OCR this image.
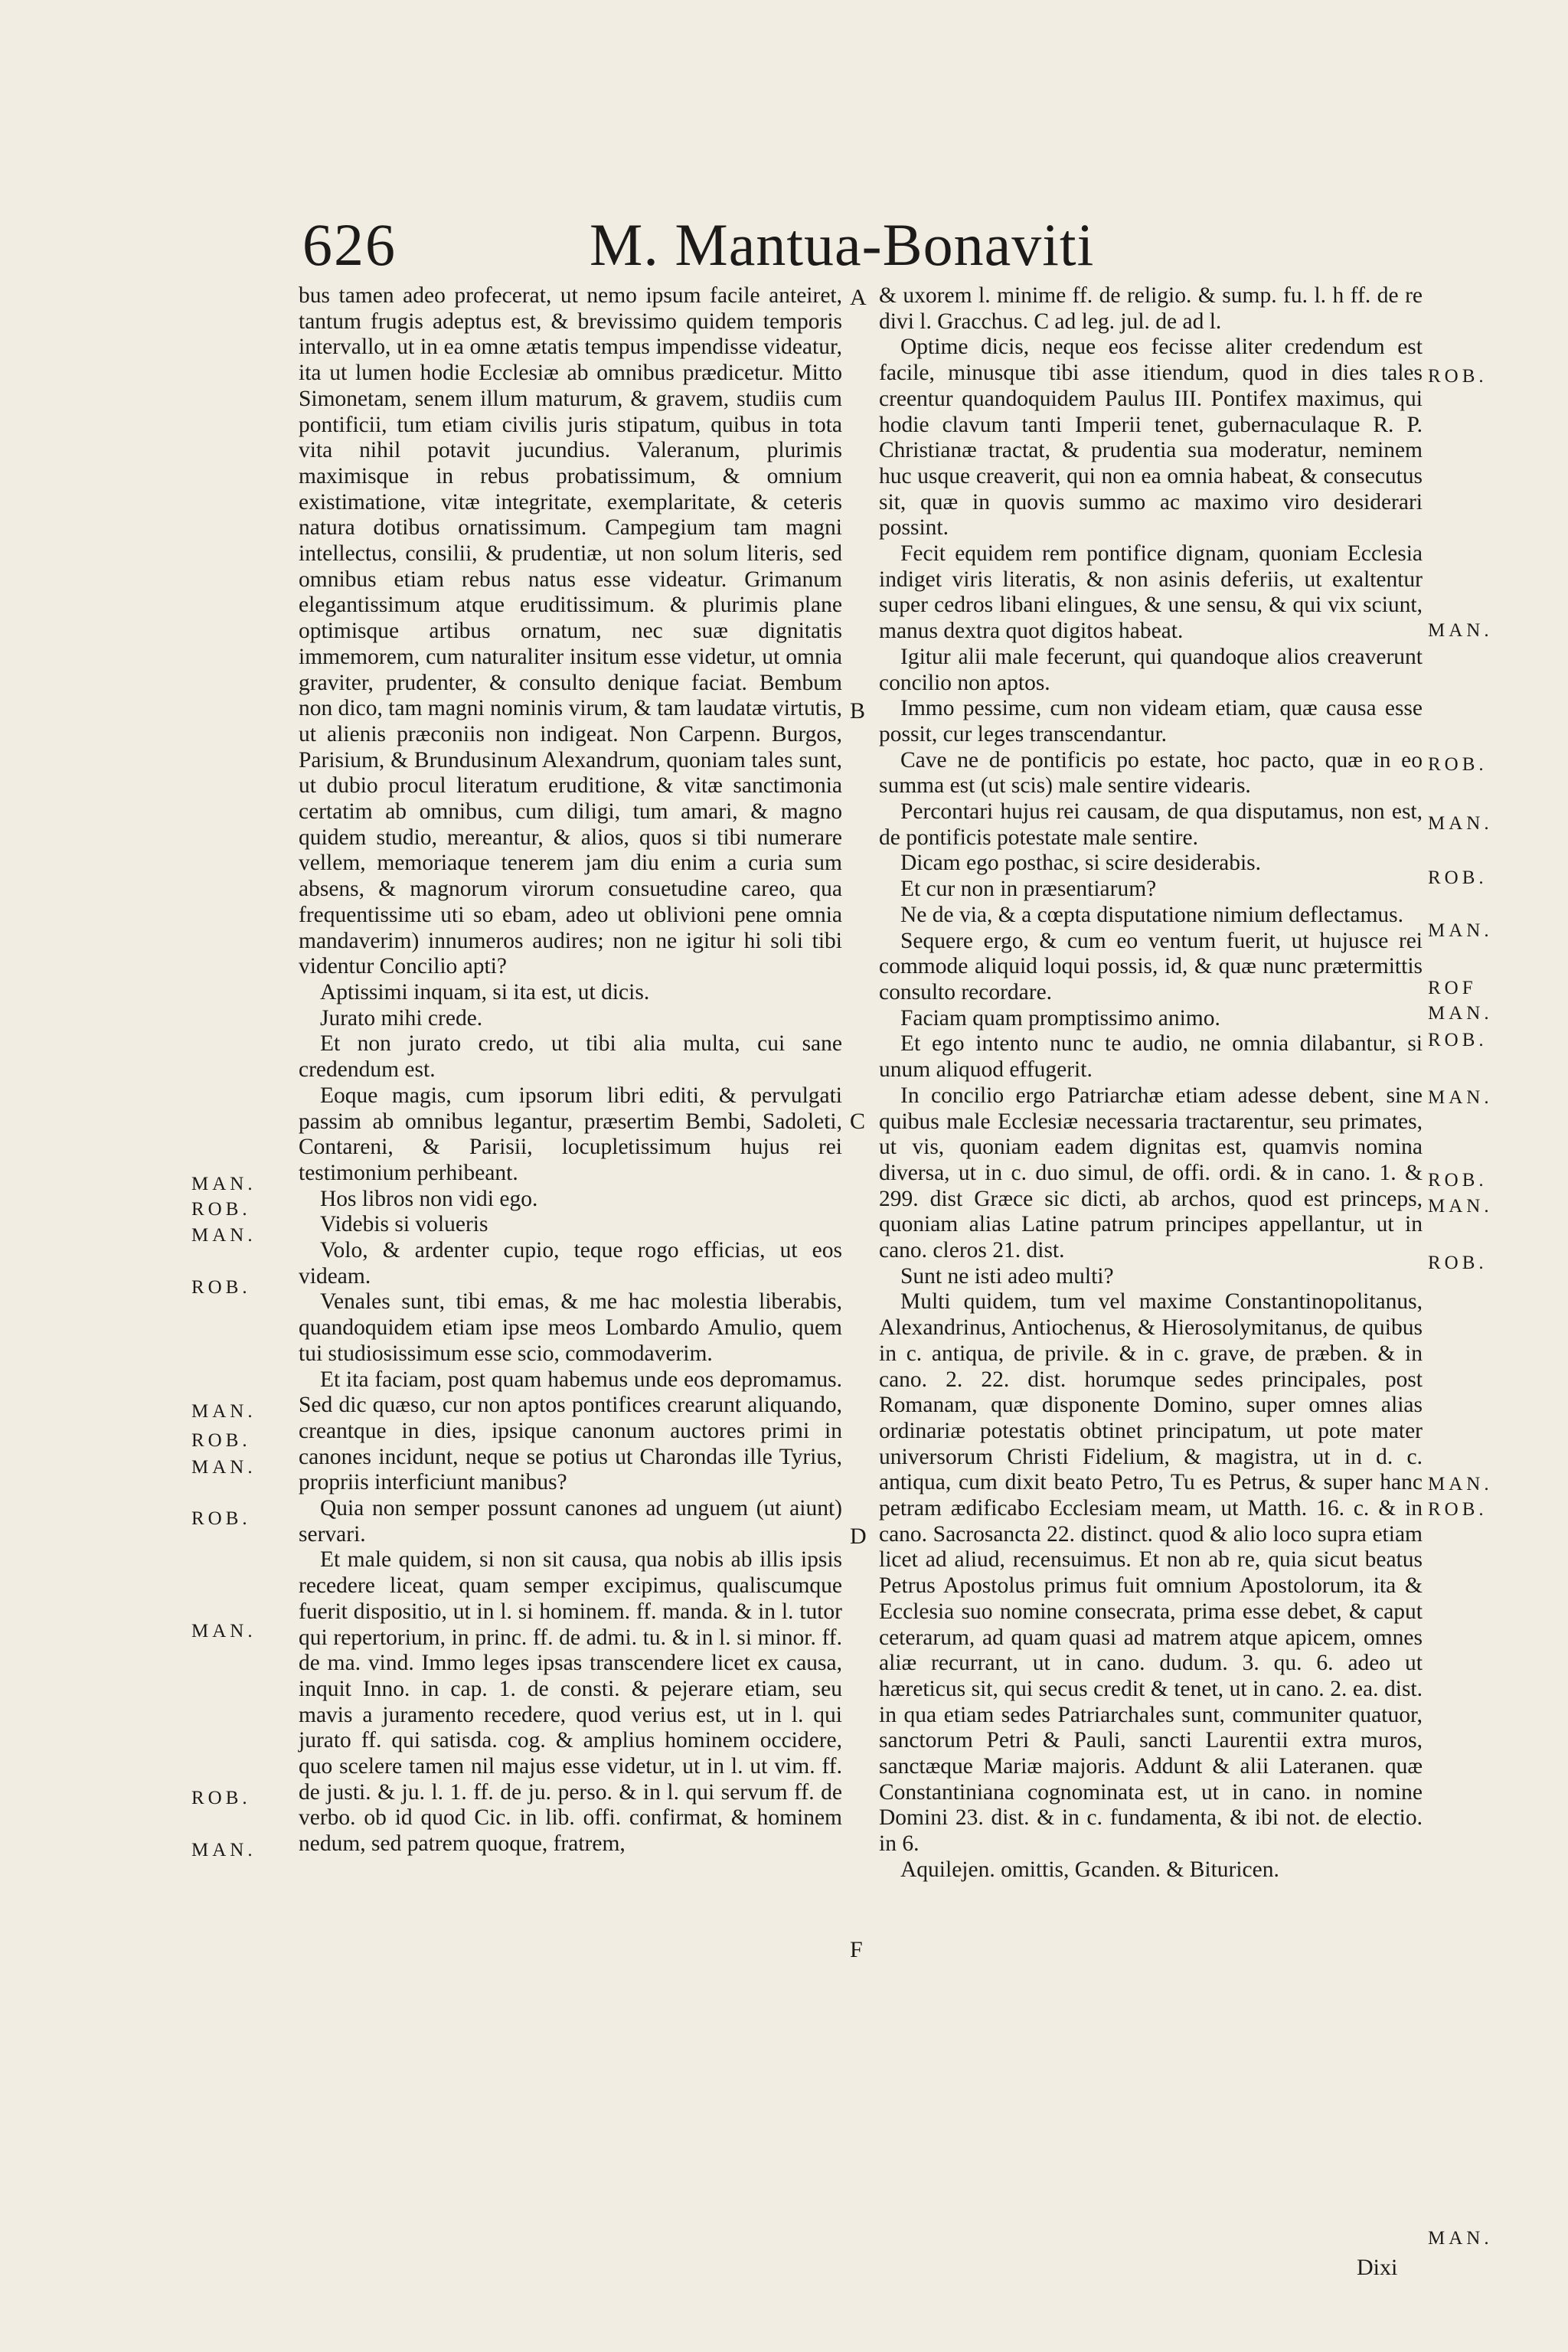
626	M. Mantua-Bonaviti

bus tamen adeo profecerat, ut nemo ipsum facile anteiret, tantum frugis adeptus est, & brevissimo quidem temporis intervallo, ut in ea omne ætatis tempus impendisse videatur, ita ut lumen hodie Ecclesiæ ab omnibus prædicetur. Mitto Simonetam, senem illum maturum, & gravem, studiis cum pontificii, tum etiam civilis juris stipatum, quibus in tota vita nihil potavit jucundius. Valeranum, plurimis maximisque in rebus probatissimum, & omnium existimatione, vitæ integritate, exemplaritate, & ceteris natura dotibus ornatissimum. Campegium tam magni intellectus, consilii, & prudentiæ, ut non solum literis, sed omnibus etiam rebus natus esse videatur. Grimanum elegantissimum atque eruditissimum. & plurimis plane optimisque artibus ornatum, nec suæ dignitatis immemorem, cum naturaliter insitum esse videtur, ut omnia graviter, prudenter, & consulto denique faciat. Bembum non dico, tam magni nominis virum, & tam laudatæ virtutis, ut alienis præconiis non indigeat. Non Carpenn. Burgos, Parisium, & Brundusinum Alexandrum, quoniam tales sunt, ut dubio procul literatum eruditione, & vitæ sanctimonia certatim ab omnibus, cum diligi, tum amari, & magno quidem studio, mereantur, & alios, quos si tibi numerare vellem, memoriaque tenerem jam diu enim a curia sum absens, & magnorum virorum consuetudine careo, qua frequentissime uti so ebam, adeo ut oblivioni pene omnia mandaverim) innumeros audires; non ne igitur hi soli tibi videntur Concilio apti?

Aptissimi inquam, si ita est, ut dicis.

Jurato mihi crede.

Et non jurato credo, ut tibi alia multa, cui sane credendum est.

Eoque magis, cum ipsorum libri editi, & pervulgati passim ab omnibus legantur, præsertim Bembi, Sadoleti, Contareni, & Parisii, locupletissimum hujus rei testimonium perhibeant.

Hos libros non vidi ego.

Videbis si volueris

Volo, & ardenter cupio, teque rogo efficias, ut eos videam.

Venales sunt, tibi emas, & me hac molestia liberabis, quandoquidem etiam ipse meos Lombardo Amulio, quem tui studiosissimum esse scio, commodaverim.

Et ita faciam, post quam habemus unde eos depromamus. Sed dic quæso, cur non aptos pontifices crearunt aliquando, creantque in dies, ipsique canonum auctores primi in canones incidunt, neque se potius ut Charondas ille Tyrius, propriis interficiunt manibus?

Quia non semper possunt canones ad unguem (ut aiunt) servari.

Et male quidem, si non sit causa, qua nobis ab illis ipsis recedere liceat, quam semper excipimus, qualiscumque fuerit dispositio, ut in l. si hominem. ff. manda. & in l. tutor qui repertorium, in princ. ff. de admi. tu. & in l. si minor. ff. de ma. vind. Immo leges ipsas transcendere licet ex causa, inquit Inno. in cap. 1. de consti. & pejerare etiam, seu mavis a juramento recedere, quod verius est, ut in l. qui jurato ff. qui satisda. cog. & amplius hominem occidere, quo scelere tamen nil majus esse videtur, ut in l. ut vim. ff. de justi. & ju. l. 1. ff. de ju. perso. & in l. qui servum ff. de verbo. ob id quod Cic. in lib. offi. confirmat, & hominem nedum, sed patrem quoque, fratrem,

& uxorem l. minime ff. de religio. & sump. fu. l. h ff. de re divi l. Gracchus. C ad leg. jul. de ad l.

Optime dicis, neque eos fecisse aliter credendum est facile, minusque tibi asse itiendum, quod in dies tales creentur quandoquidem Paulus III. Pontifex maximus, qui hodie clavum tanti Imperii tenet, gubernaculaque R. P. Christianæ tractat, & prudentia sua moderatur, neminem huc usque creaverit, qui non ea omnia habeat, & consecutus sit, quæ in quovis summo ac maximo viro desiderari possint.

Fecit equidem rem pontifice dignam, quoniam Ecclesia indiget viris literatis, & non asinis deferiis, ut exaltentur super cedros libani elingues, & une sensu, & qui vix sciunt, manus dextra quot digitos habeat.

Igitur alii male fecerunt, qui quandoque alios creaverunt concilio non aptos.

Immo pessime, cum non videam etiam, quæ causa esse possit, cur leges transcendantur.

Cave ne de pontificis po estate, hoc pacto, quæ in eo summa est (ut scis) male sentire videaris.

Percontari hujus rei causam, de qua disputamus, non est, de pontificis potestate male sentire.

Dicam ego posthac, si scire desiderabis.

Et cur non in præsentiarum?

Ne de via, & a cœpta disputatione nimium deflectamus.

Sequere ergo, & cum eo ventum fuerit, ut hujusce rei commode aliquid loqui possis, id, & quæ nunc prætermittis consulto recordare.

Faciam quam promptissimo animo.

Et ego intento nunc te audio, ne omnia dilabantur, si unum aliquod effugerit.

In concilio ergo Patriarchæ etiam adesse debent, sine quibus male Ecclesiæ necessaria tractarentur, seu primates, ut vis, quoniam eadem dignitas est, quamvis nomina diversa, ut in c. duo simul, de offi. ordi. & in cano. 1. & 299. dist Græce sic dicti, ab archos, quod est princeps, quoniam alias Latine patrum principes appellantur, ut in cano. cleros 21. dist.

Sunt ne isti adeo multi?

Multi quidem, tum vel maxime Constantinopolitanus, Alexandrinus, Antiochenus, & Hierosolymitanus, de quibus in c. antiqua, de privile. & in c. grave, de præben. & in cano. 2. 22. dist. horumque sedes principales, post Romanam, quæ disponente Domino, super omnes alias ordinariæ potestatis obtinet principatum, ut pote mater universorum Christi Fidelium, & magistra, ut in d. c. antiqua, cum dixit beato Petro, Tu es Petrus, & super hanc petram ædificabo Ecclesiam meam, ut Matth. 16. c. & in cano. Sacrosancta 22. distinct. quod & alio loco supra etiam licet ad aliud, recensuimus. Et non ab re, quia sicut beatus Petrus Apostolus primus fuit omnium Apostolorum, ita & Ecclesia suo nomine consecrata, prima esse debet, & caput ceterarum, ad quam quasi ad matrem atque apicem, omnes aliæ recurrant, ut in cano. dudum. 3. qu. 6. adeo ut hæreticus sit, qui secus credit & tenet, ut in cano. 2. ea. dist. in qua etiam sedes Patriarchales sunt, communiter quatuor, sanctorum Petri & Pauli, sancti Laurentii extra muros, sanctæque Mariæ majoris. Addunt & alii Lateranen. quæ Constantiniana cognominata est, ut in cano. in nomine Domini 23. dist. & in c. fundamenta, & ibi not. de electio. in 6.

Aquilejen. omittis, Gcanden. & Bituricen.

A
B
C
D
F
MAN.
ROB.
MAN.
ROB.
MAN.
ROB.
MAN.
ROB.
MAN.
ROB.
MAN.
ROB.
MAN.
ROB.
MAN.
ROB.
MAN.
ROF
MAN.
ROB.
MAN.
ROB.
MAN.
ROB.
MAN.
ROB.
MAN.
Dixi
